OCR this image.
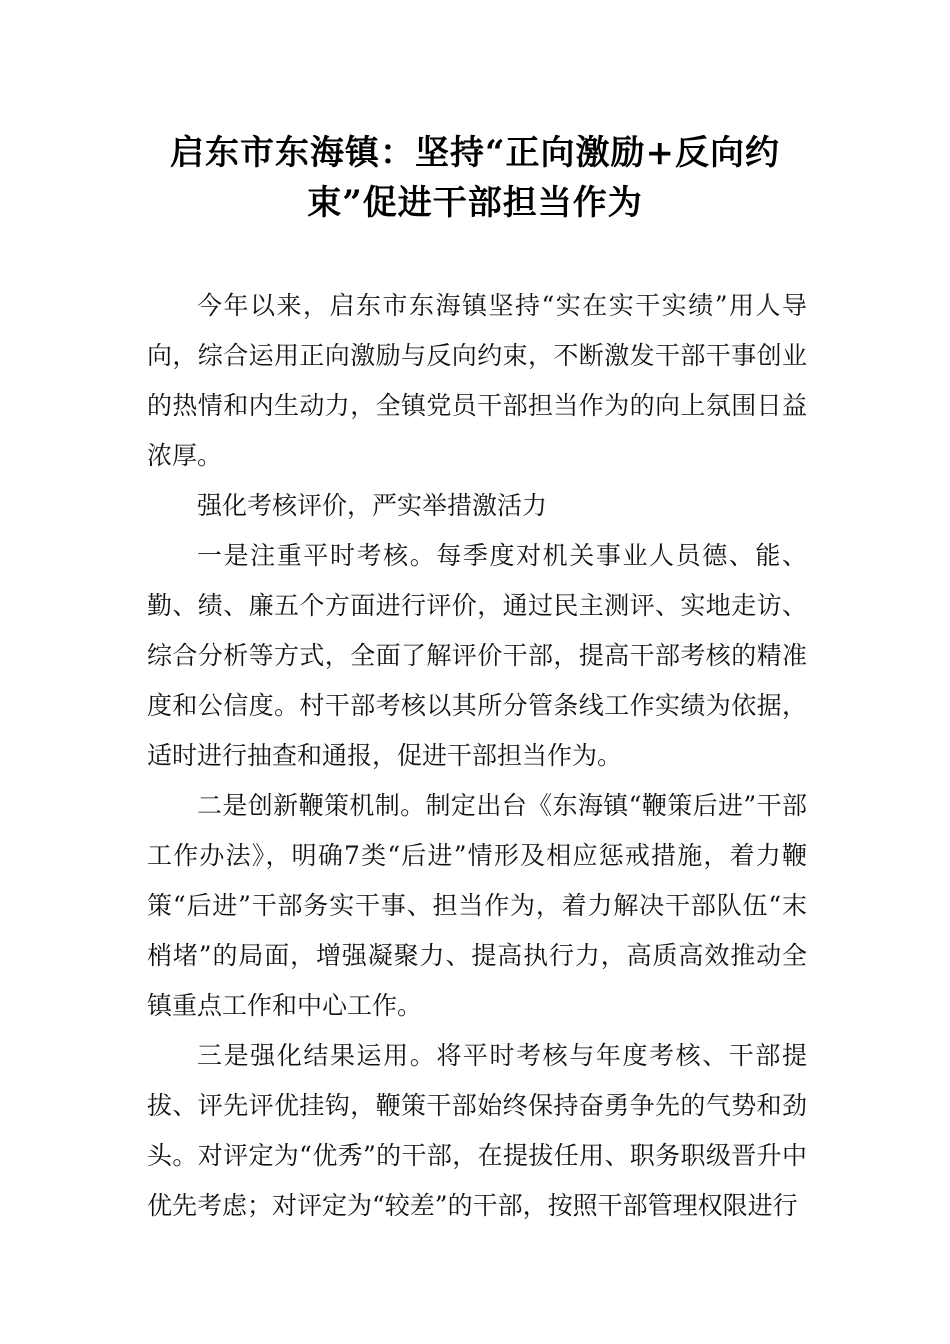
启东市东海镇：坚持“正向激励+反向约束”促进干部担当作为

今年以来，启东市东海镇坚持“实在实干实绩”用人导向，综合运用正向激励与反向约束，不断激发干部干事创业的热情和内生动力，全镇党员干部担当作为的向上氛围日益浓厚。

强化考核评价，严实举措激活力

一是注重平时考核。每季度对机关事业人员德、能、勤、绩、廉五个方面进行评价，通过民主测评、实地走访、综合分析等方式，全面了解评价干部，提高干部考核的精准度和公信度。村干部考核以其所分管条线工作实绩为依据，适时进行抽查和通报，促进干部担当作为。

二是创新鞭策机制。制定出台《东海镇“鞭策后进”干部工作办法》，明确7类“后进”情形及相应惩戒措施，着力鞭策“后进”干部务实干事、担当作为，着力解决干部队伍“末梢堵”的局面，增强凝聚力、提高执行力，高质高效推动全镇重点工作和中心工作。

三是强化结果运用。将平时考核与年度考核、干部提拔、评先评优挂钩，鞭策干部始终保持奋勇争先的气势和劲头。对评定为“优秀”的干部，在提拔任用、职务职级晋升中优先考虑；对评定为“较差”的干部，按照干部管理权限进行
